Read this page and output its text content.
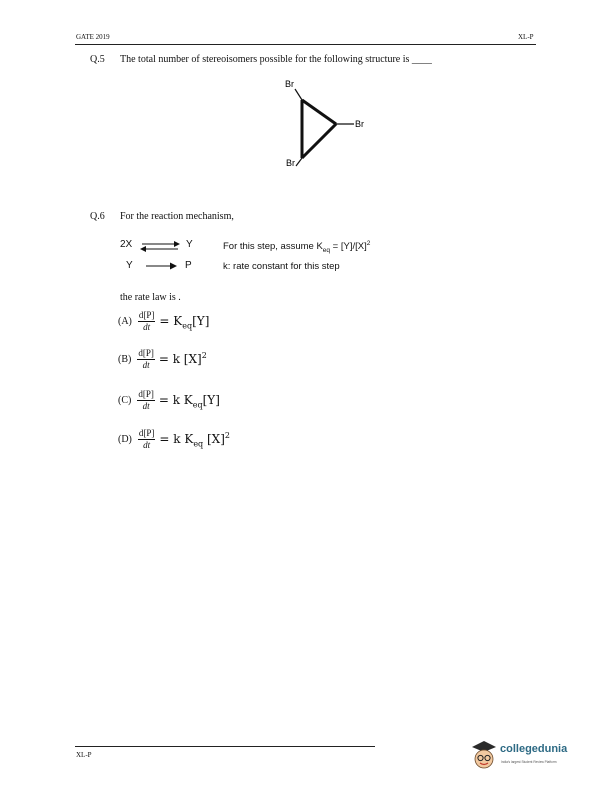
GATE 2019	XL-P
Q.5 The total number of stereoisomers possible for the following structure is ____
Br
Br
Br
Q.6 For the reaction mechanism,
2X ⇌ Y	For this step, assume $K_{eq} = [Y]/[X]^2$
Y	P	k: rate constant for this step
the rate law is .
$(A) \frac{d[P]}{dt} = K_{eq}[Y]$
$(B) \frac{d[P]}{dt} = k$ $[X]^2$
$(C) \frac{d[P]}{dt} = k$ $K_{eq}[Y]$
$(D) \frac{d[P]}{dt} = k$ $K_{eq}$ $[X]^2$
XL-P	collegedunia
India's largest Student Review Platform
